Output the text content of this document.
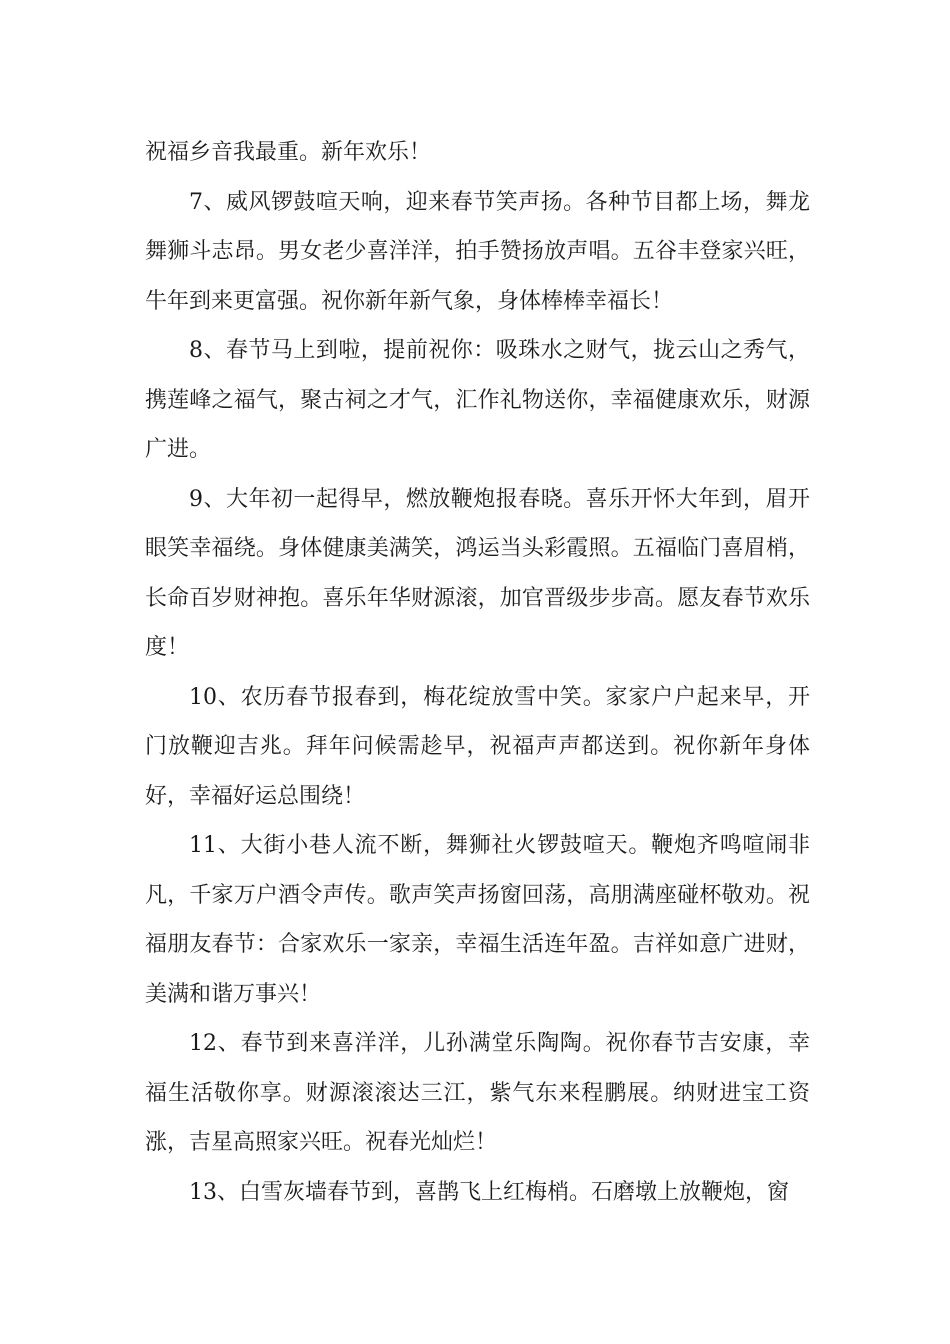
祝福乡音我最重。新年欢乐！

7、威风锣鼓喧天响，迎来春节笑声扬。各种节目都上场，舞龙舞狮斗志昂。男女老少喜洋洋，拍手赞扬放声唱。五谷丰登家兴旺，牛年到来更富强。祝你新年新气象，身体棒棒幸福长！

8、春节马上到啦，提前祝你：吸珠水之财气，拢云山之秀气，携莲峰之福气，聚古祠之才气，汇作礼物送你，幸福健康欢乐，财源广进。

9、大年初一起得早，燃放鞭炮报春晓。喜乐开怀大年到，眉开眼笑幸福绕。身体健康美满笑，鸿运当头彩霞照。五福临门喜眉梢，长命百岁财神抱。喜乐年华财源滚，加官晋级步步高。愿友春节欢乐度！

10、农历春节报春到，梅花绽放雪中笑。家家户户起来早，开门放鞭迎吉兆。拜年问候需趁早，祝福声声都送到。祝你新年身体好，幸福好运总围绕！

11、大街小巷人流不断，舞狮社火锣鼓喧天。鞭炮齐鸣喧闹非凡，千家万户酒令声传。歌声笑声扬窗回荡，高朋满座碰杯敬劝。祝福朋友春节：合家欢乐一家亲，幸福生活连年盈。吉祥如意广进财，美满和谐万事兴！

12、春节到来喜洋洋，儿孙满堂乐陶陶。祝你春节吉安康，幸福生活敬你享。财源滚滚达三江，紫气东来程鹏展。纳财进宝工资涨，吉星高照家兴旺。祝春光灿烂！

13、白雪灰墙春节到，喜鹊飞上红梅梢。石磨墩上放鞭炮，窗
